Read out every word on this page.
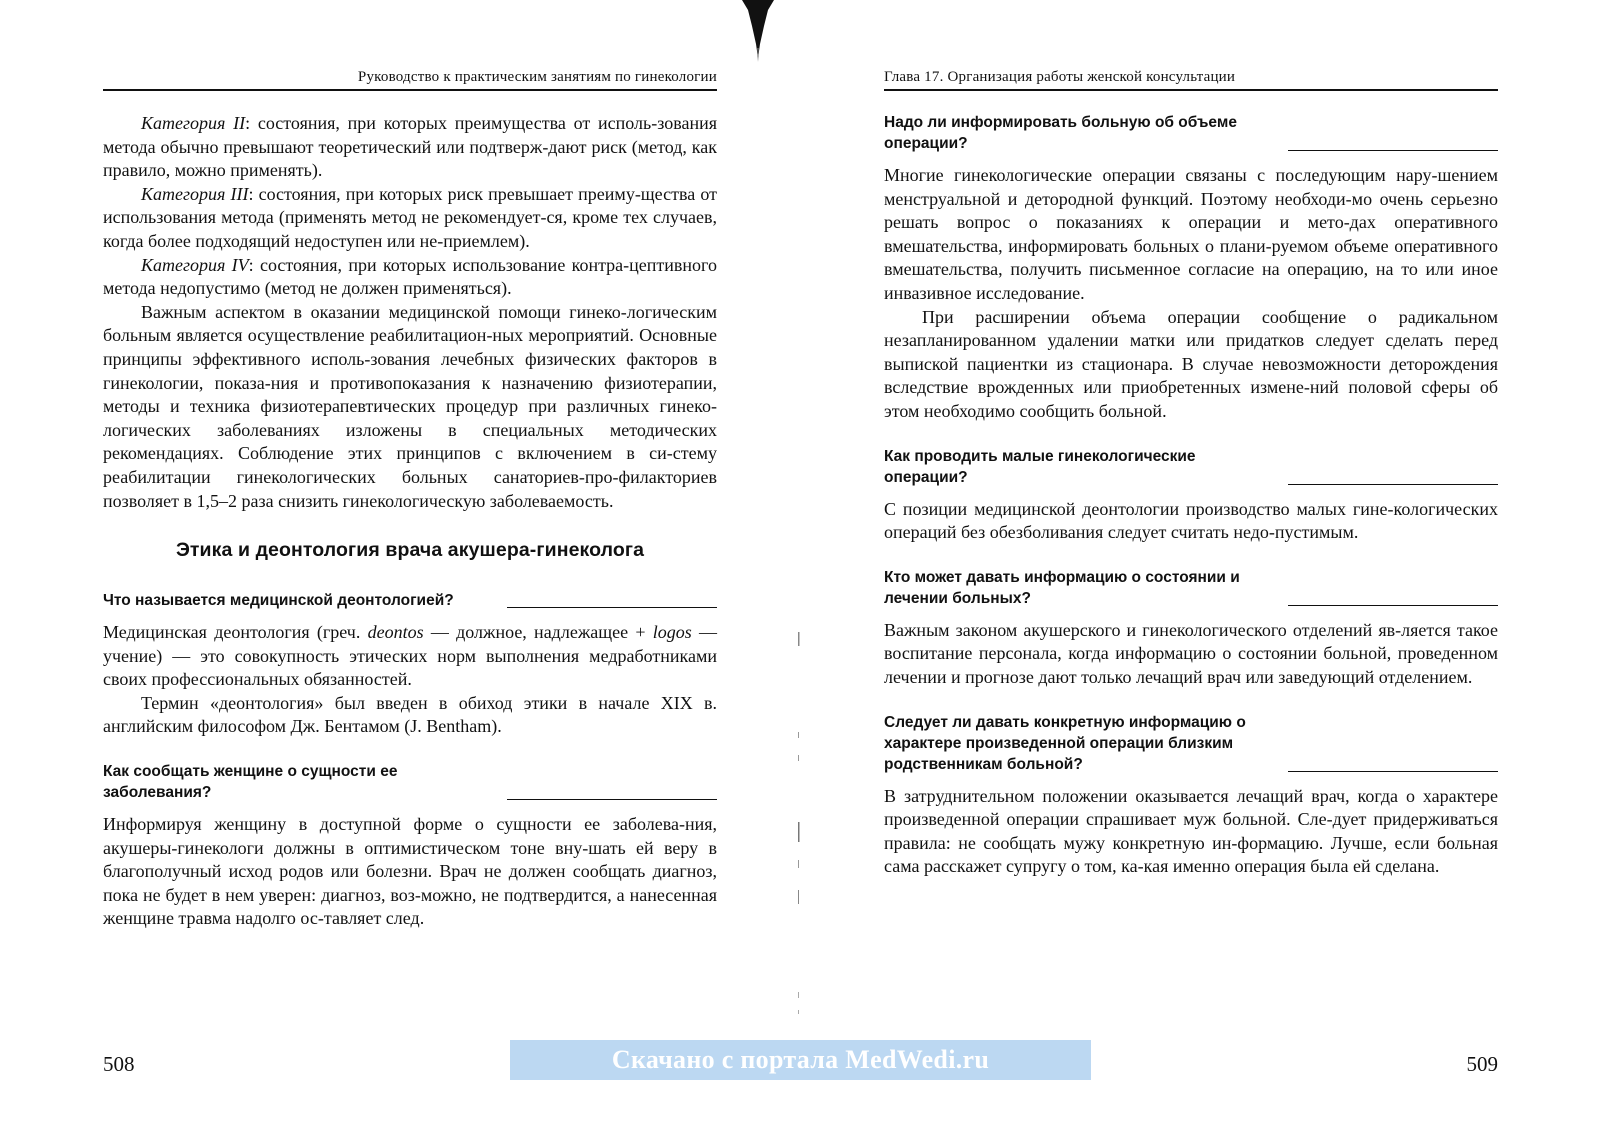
Руководство к практическим занятиям по гинекологии

Категория II: состояния, при которых преимущества от исполь-зования метода обычно превышают теоретический или подтверж-дают риск (метод, как правило, можно применять).

Категория III: состояния, при которых риск превышает преиму-щества от использования метода (применять метод не рекомендует-ся, кроме тех случаев, когда более подходящий недоступен или не-приемлем).

Категория IV: состояния, при которых использование контра-цептивного метода недопустимо (метод не должен применяться).

Важным аспектом в оказании медицинской помощи гинеко-логическим больным является осуществление реабилитацион-ных мероприятий. Основные принципы эффективного исполь-зования лечебных физических факторов в гинекологии, показа-ния и противопоказания к назначению физиотерапии, методы и техника физиотерапевтических процедур при различных гинеко-логических заболеваниях изложены в специальных методических рекомендациях. Соблюдение этих принципов с включением в си-стему реабилитации гинекологических больных санаториев-про-филакториев позволяет в 1,5–2 раза снизить гинекологическую заболеваемость.

Этика и деонтология врача акушера-гинеколога
Что называется медицинской деонтологией?

Медицинская деонтология (греч. deontos — должное, надлежащее + logos — учение) — это совокупность этических норм выполнения медработниками своих профессиональных обязанностей.

Термин «деонтология» был введен в обиход этики в начале XIX в. английским философом Дж. Бентамом (J. Bentham).

Как сообщать женщине о сущности ее заболевания?

Информируя женщину в доступной форме о сущности ее заболева-ния, акушеры-гинекологи должны в оптимистическом тоне вну-шать ей веру в благополучный исход родов или болезни. Врач не должен сообщать диагноз, пока не будет в нем уверен: диагноз, воз-можно, не подтвердится, а нанесенная женщине травма надолго ос-тавляет след.

508
Глава 17. Организация работы женской консультации
Надо ли информировать больную об объеме операции?

Многие гинекологические операции связаны с последующим нару-шением менструальной и детородной функций. Поэтому необходи-мо очень серьезно решать вопрос о показаниях к операции и мето-дах оперативного вмешательства, информировать больных о плани-руемом объеме оперативного вмешательства, получить письменное согласие на операцию, на то или иное инвазивное исследование.

При расширении объема операции сообщение о радикальном незапланированном удалении матки или придатков следует сделать перед выпиской пациентки из стационара. В случае невозможности деторождения вследствие врожденных или приобретенных измене-ний половой сферы об этом необходимо сообщить больной.

Как проводить малые гинекологические операции?

С позиции медицинской деонтологии производство малых гине-кологических операций без обезболивания следует считать недо-пустимым.

Кто может давать информацию о состоянии и лечении больных?

Важным законом акушерского и гинекологического отделений яв-ляется такое воспитание персонала, когда информацию о состоянии больной, проведенном лечении и прогнозе дают только лечащий врач или заведующий отделением.

Следует ли давать конкретную информацию о характере произведенной операции близким родственникам больной?

В затруднительном положении оказывается лечащий врач, когда о характере произведенной операции спрашивает муж больной. Сле-дует придерживаться правила: не сообщать мужу конкретную ин-формацию. Лучше, если больная сама расскажет супругу о том, ка-кая именно операция была ей сделана.

509
Скачано с портала MedWedi.ru
